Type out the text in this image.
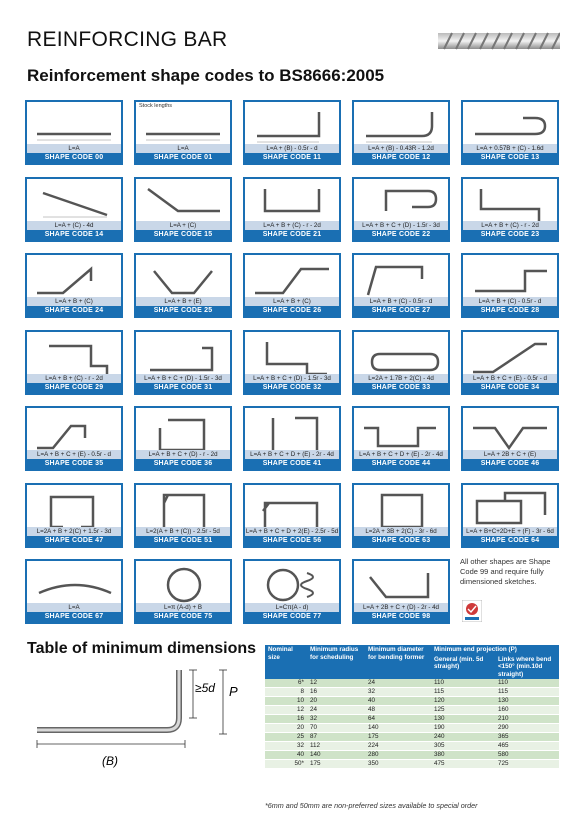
REINFORCING BAR
Reinforcement shape codes to BS8666:2005
L=A
SHAPE CODE 00
Stock lengths
L=A
SHAPE CODE 01
L=A + (B) - 0.5r - d
SHAPE CODE 11
L=A + (B) - 0.43R - 1.2d
SHAPE CODE 12
L=A + 0.57B + (C) - 1.6d
SHAPE CODE 13
L=A + (C) - 4d
SHAPE CODE 14
L=A + (C)
SHAPE CODE 15
L=A + B + (C) - r - 2d
SHAPE CODE 21
L=A + B + C + (D) - 1.5r - 3d
SHAPE CODE 22
L=A + B + (C) - r - 2d
SHAPE CODE 23
L=A + B + (C)
SHAPE CODE 24
L=A + B + (E)
SHAPE CODE 25
L=A + B + (C)
SHAPE CODE 26
L=A + B + (C) - 0.5r - d
SHAPE CODE 27
L=A + B + (C) - 0.5r - d
SHAPE CODE 28
L=A + B + (C) - r - 2d
SHAPE CODE 29
L=A + B + C + (D) - 1.5r - 3d
SHAPE CODE 31
L=A + B + C + (D) - 1.5r - 3d
SHAPE CODE 32
L=2A + 1.7B + 2(C) - 4d
SHAPE CODE 33
L=A + B + C + (E) - 0.5r - d
SHAPE CODE 34
L=A + B + C + (E) - 0.5r - d
SHAPE CODE 35
L=A + B + C + (D) - r - 2d
SHAPE CODE 36
L=A + B + C + D + (E) - 2r - 4d
SHAPE CODE 41
L=A + B + C + D + (E) - 2r - 4d
SHAPE CODE 44
L=A + 2B + C + (E)
SHAPE CODE 46
L=2A + B + 2(C) + 1.5r - 3d
SHAPE CODE 47
L=2(A + B + (C)) - 2.5r - 5d
SHAPE CODE 51
L=A + B + C + D + 2(E) - 2.5r - 5d
SHAPE CODE 56
L=2A + 3B + 2(C) - 3r - 6d
SHAPE CODE 63
L=A + B+C+2D+E + (F) - 3r - 6d
SHAPE CODE 64
L=A
SHAPE CODE 67
L=π (A-d) + B
SHAPE CODE 75
L=Cπ(A - d)
SHAPE CODE 77
L=A + 2B + C + (D) - 2r - 4d
SHAPE CODE 98
All other shapes are Shape Code 99 and require fully dimensioned sketches.
Table of minimum dimensions
≥5d P
(B)
Nominal size	Minimum radius for scheduling	Minimum diameter for bending former	Minimum end projection (P)	
			General (min. 5d straight)	Links where bend <150° (min.10d straight)
6*	12	24	110	110
8	16	32	115	115
10	20	40	120	130
12	24	48	125	160
16	32	64	130	210
20	70	140	190	290
25	87	175	240	365
32	112	224	305	465
40	140	280	380	580
50*	175	350	475	725
*6mm and 50mm are non-preferred sizes available to special order
